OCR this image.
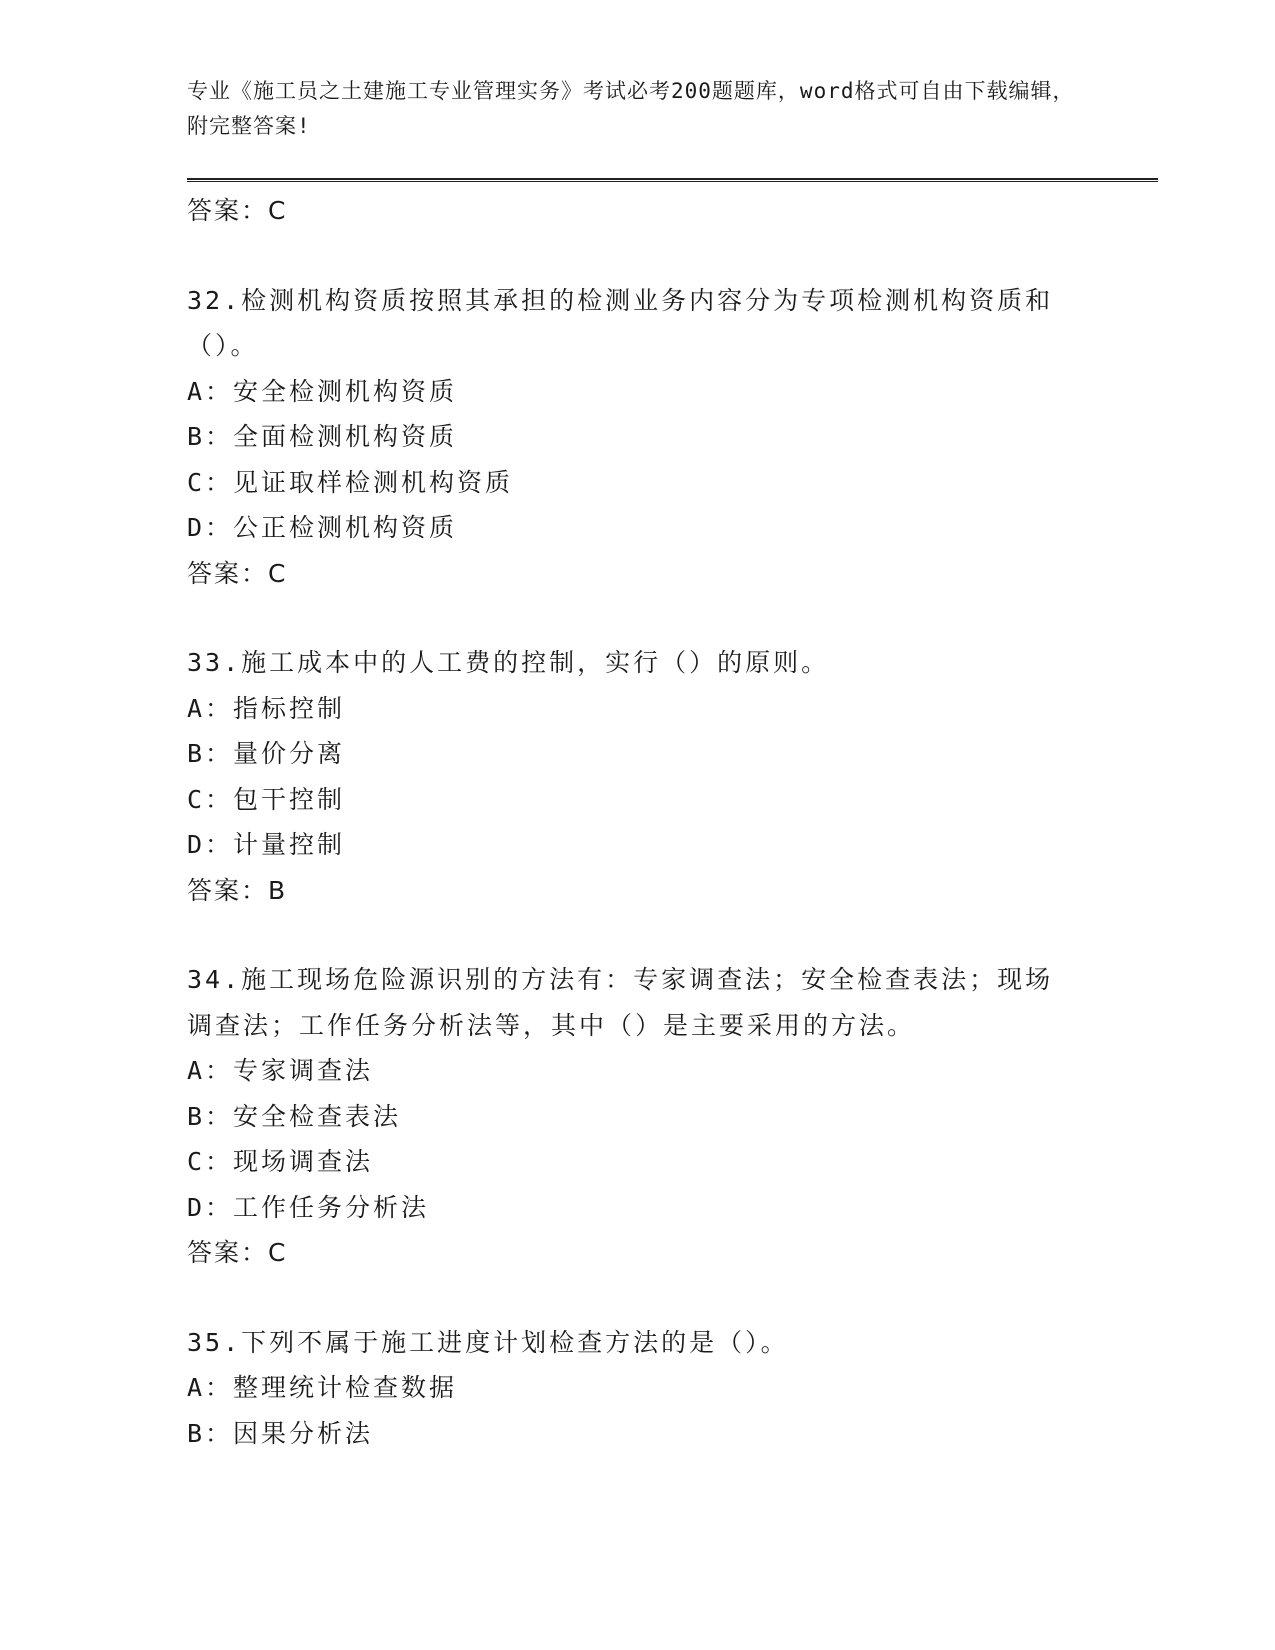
专业《施工员之土建施工专业管理实务》考试必考200题题库，word格式可自由下载编辑，附完整答案!

答案：C

32.检测机构资质按照其承担的检测业务内容分为专项检测机构资质和

（）。

A：安全检测机构资质

B：全面检测机构资质

C：见证取样检测机构资质

D：公正检测机构资质

答案：C

33.施工成本中的人工费的控制，实行（）的原则。

A：指标控制

B：量价分离

C：包干控制

D：计量控制

答案：B

34.施工现场危险源识别的方法有：专家调查法；安全检查表法；现场

调查法；工作任务分析法等，其中（）是主要采用的方法。

A：专家调查法

B：安全检查表法

C：现场调查法

D：工作任务分析法

答案：C

35.下列不属于施工进度计划检查方法的是（）。

A：整理统计检查数据

B：因果分析法
